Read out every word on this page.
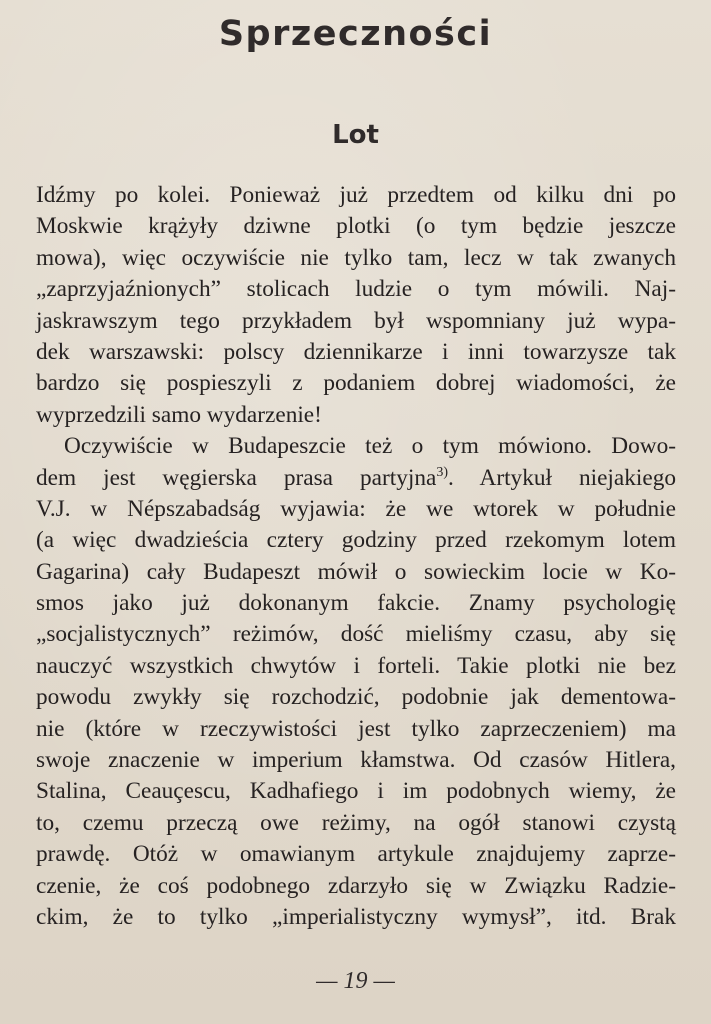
Sprzeczności
Lot
Idźmy po kolei. Ponieważ już przedtem od kilku dni po
Moskwie krążyły dziwne plotki (o tym będzie jeszcze
mowa), więc oczywiście nie tylko tam, lecz w tak zwanych
„zaprzyjaźnionych” stolicach ludzie o tym mówili. Naj-
jaskrawszym tego przykładem był wspomniany już wypa-
dek warszawski: polscy dziennikarze i inni towarzysze tak
bardzo się pospieszyli z podaniem dobrej wiadomości, że
wyprzedzili samo wydarzenie!
Oczywiście w Budapeszcie też o tym mówiono. Dowo-
dem jest węgierska prasa partyjna$^{3)}$. Artykuł niejakiego
V.J. w Népszabadság wyjawia: że we wtorek w południe
(a więc dwadzieścia cztery godziny przed rzekomym lotem
Gagarina) cały Budapeszt mówił o sowieckim locie w Ko-
smos jako już dokonanym fakcie. Znamy psychologię
„socjalistycznych” reżimów, dość mieliśmy czasu, aby się
nauczyć wszystkich chwytów i forteli. Takie plotki nie bez
powodu zwykły się rozchodzić, podobnie jak dementowa-
nie (które w rzeczywistości jest tylko zaprzeczeniem) ma
swoje znaczenie w imperium kłamstwa. Od czasów Hitlera,
Stalina, Ceauçescu, Kadhafiego i im podobnych wiemy, że
to, czemu przeczą owe reżimy, na ogół stanowi czystą
prawdę. Otóż w omawianym artykule znajdujemy zaprze-
czenie, że coś podobnego zdarzyło się w Związku Radzie-
ckim, że to tylko „imperialistyczny wymysł”, itd. Brak
— 19 —
